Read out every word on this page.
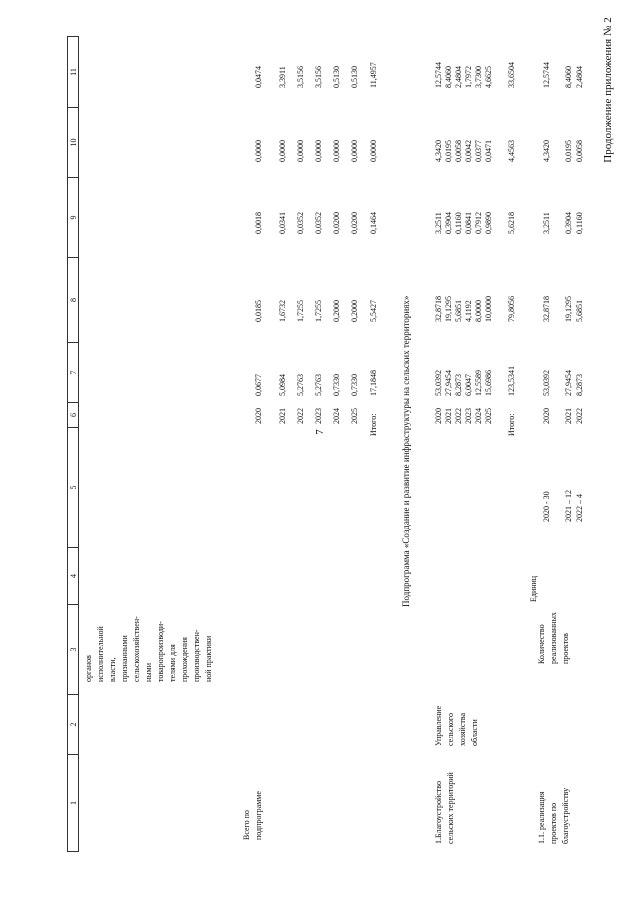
7
Продолжение приложения № 2
1
2
3
4
5
6
7
8
9
10
11
органов исполнительной власти, признанными сельскохозяйствен- ными товаропроизводи- телями для прохождения производствен- ной практики
Всего по подпрограмме
2020
0,0677
0,0185
0,0018
0,0000
0,0474
2021
5,0984
1,6732
0,0341
0,0000
3,3911
2022
5,2763
1,7255
0,0352
0,0000
3,5156
2023
5,2763
1,7255
0,0352
0,0000
3,5156
2024
0,7330
0,2000
0,0200
0,0000
0,5130
2025
0,7330
0,2000
0,0200
0,0000
0,5130
Итого:
17,1848
5,5427
0,1464
0,0000
11,4957
Подпрограмма «Создание и развитие инфраструктуры на сельских территориях»
1.Благоустройство сельских территорий
Управление сельского хозяйства области
2020
53,0392
32,8718
3,2511
4,3420
12,5744
2021
27,9454
19,1295
0,3904
0,0195
8,4060
2022
8,2873
5,6851
0,1160
0,0058
2,4804
2023
6,0047
4,1192
0,0841
0,0042
1,7972
2024
12,5589
8,0000
0,7912
0,0377
3,7300
2025
15,6986
10,0000
0,9890
0,0471
4,6625
Итого:
123,5341
79,8056
5,6218
4,4563
33,6504
1.1. реализация проектов по благоустройству
Количество реализованных проектов
Единиц
2020 - 30 2021 – 12 2022 – 4
2020
53,0392
32,8718
3,2511
4,3420
12,5744
2021
27,9454
19,1295
0,3904
0,0195
8,4060
2022
8,2873
5,6851
0,1160
0,0058
2,4804
